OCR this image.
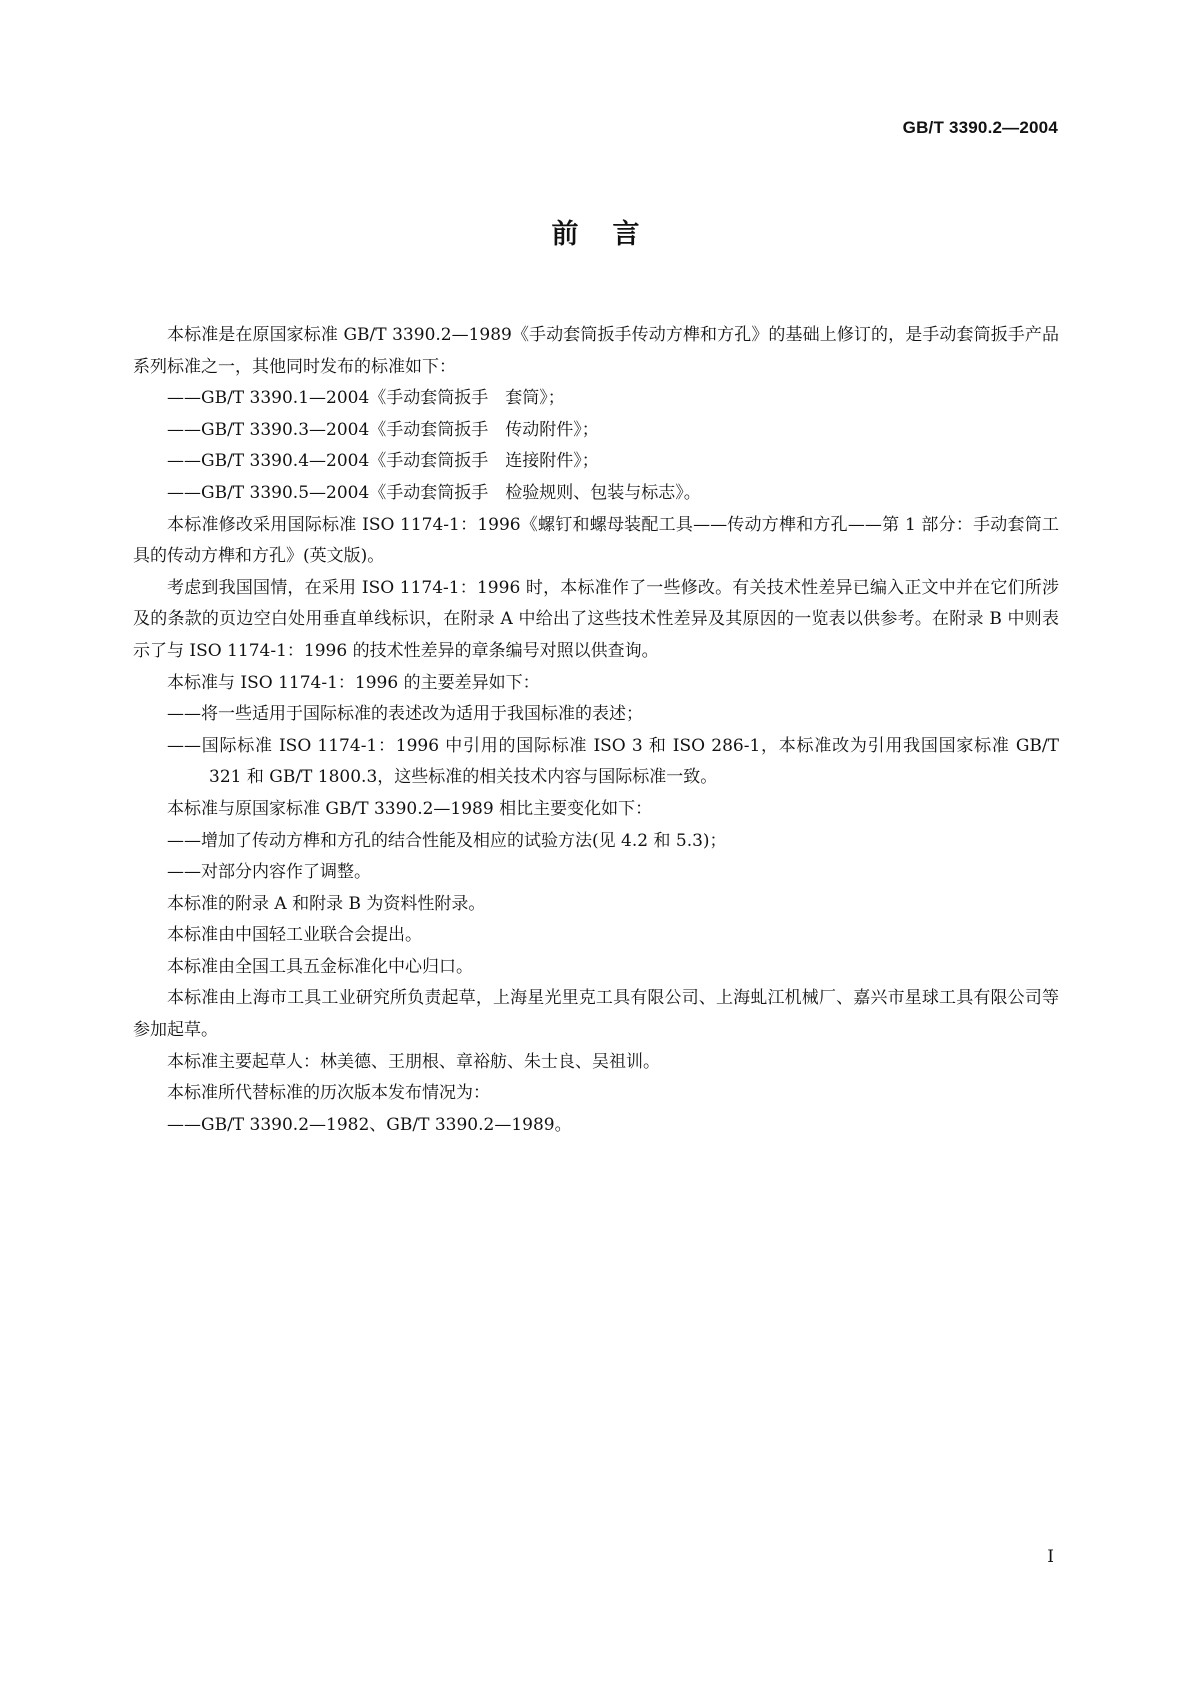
GB/T 3390.2—2004
前言

本标准是在原国家标准 GB/T 3390.2—1989《手动套筒扳手传动方榫和方孔》的基础上修订的，是手动套筒扳手产品系列标准之一，其他同时发布的标准如下：

——GB/T 3390.1—2004《手动套筒扳手　套筒》；

——GB/T 3390.3—2004《手动套筒扳手　传动附件》；

——GB/T 3390.4—2004《手动套筒扳手　连接附件》；

——GB/T 3390.5—2004《手动套筒扳手　检验规则、包装与标志》。

本标准修改采用国际标准 ISO 1174-1：1996《螺钉和螺母装配工具——传动方榫和方孔——第 1 部分：手动套筒工具的传动方榫和方孔》(英文版)。

考虑到我国国情，在采用 ISO 1174-1：1996 时，本标准作了一些修改。有关技术性差异已编入正文中并在它们所涉及的条款的页边空白处用垂直单线标识，在附录 A 中给出了这些技术性差异及其原因的一览表以供参考。在附录 B 中则表示了与 ISO 1174-1：1996 的技术性差异的章条编号对照以供查询。

本标准与 ISO 1174-1：1996 的主要差异如下：

——将一些适用于国际标准的表述改为适用于我国标准的表述；

——国际标准 ISO 1174-1：1996 中引用的国际标准 ISO 3 和 ISO 286-1，本标准改为引用我国国家标准 GB/T 321 和 GB/T 1800.3，这些标准的相关技术内容与国际标准一致。

本标准与原国家标准 GB/T 3390.2—1989 相比主要变化如下：

——增加了传动方榫和方孔的结合性能及相应的试验方法(见 4.2 和 5.3)；

——对部分内容作了调整。

本标准的附录 A 和附录 B 为资料性附录。

本标准由中国轻工业联合会提出。

本标准由全国工具五金标准化中心归口。

本标准由上海市工具工业研究所负责起草，上海星光里克工具有限公司、上海虬江机械厂、嘉兴市星球工具有限公司等参加起草。

本标准主要起草人：林美德、王朋根、章裕舫、朱士良、吴祖训。

本标准所代替标准的历次版本发布情况为：

——GB/T 3390.2—1982、GB/T 3390.2—1989。

I
